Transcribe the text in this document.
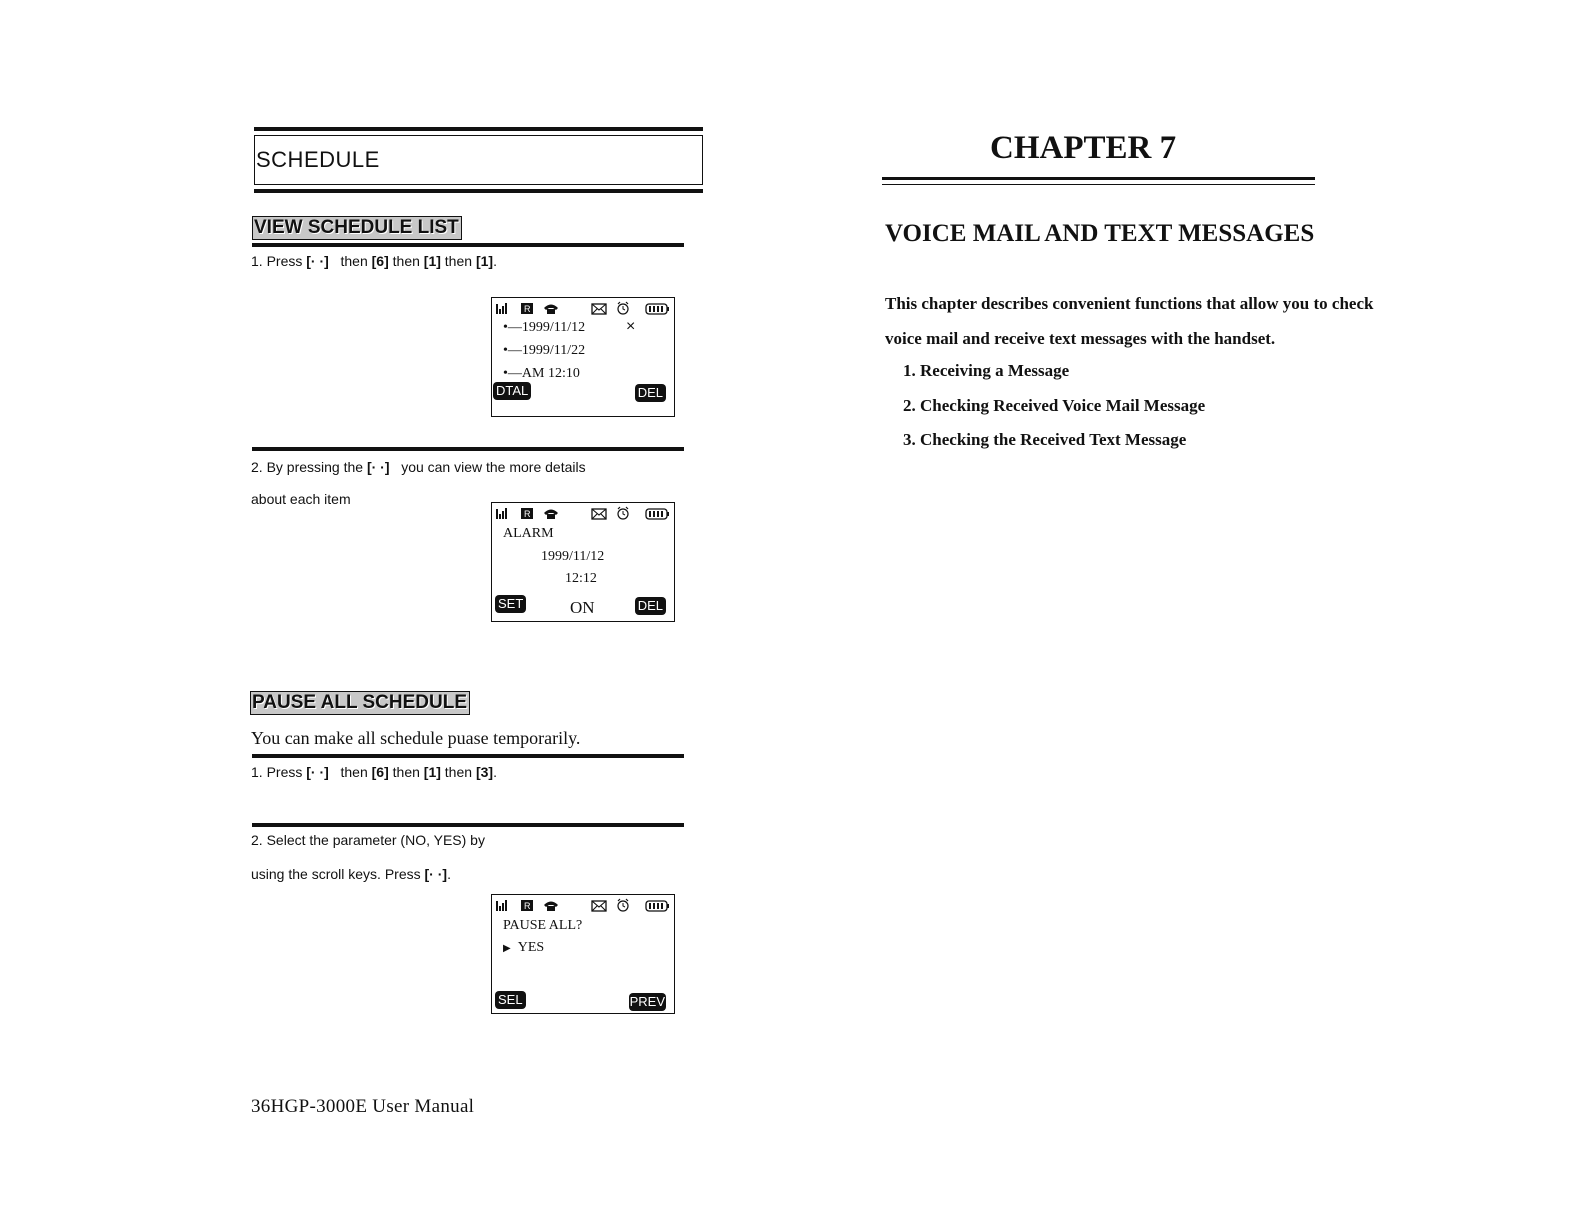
SCHEDULE
VIEW SCHEDULE LIST
1. Press [· ·] then [6] then [1] then [1].
R
•—1999/11/12	×
•—1999/11/22
•—AM 12:10
DTAL	DEL
2. By pressing the [· ·] you can view the more details
about each item
R
ALARM
1999/11/12
12:12
ON
SET	DEL
PAUSE ALL SCHEDULE
You can make all schedule puase temporarily.
1. Press [· ·] then [6] then [1] then [3].
2. Select the parameter (NO, YES) by
using the scroll keys. Press [· ·].
R
PAUSE ALL?
▶ YES
SEL	PREV
36HGP-3000E User Manual
CHAPTER 7
VOICE MAIL AND TEXT MESSAGES
This chapter describes convenient functions that allow you to check
voice mail and receive text messages with the handset.
1. Receiving a Message
2. Checking Received Voice Mail Message
3. Checking the Received Text Message
